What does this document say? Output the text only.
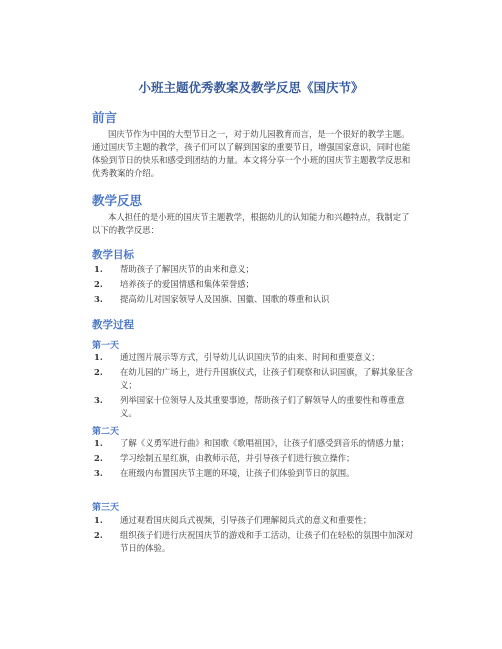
小班主题优秀教案及教学反思《国庆节》
前言
国庆节作为中国的大型节日之一，对于幼儿园教育而言，是一个很好的教学主题。通过国庆节主题的教学，孩子们可以了解到国家的重要节日，增强国家意识，同时也能体验到节日的快乐和感受到团结的力量。本文将分享一个小班的国庆节主题教学反思和优秀教案的介绍。
教学反思
本人担任的是小班的国庆节主题教学，根据幼儿的认知能力和兴趣特点，我制定了以下的教学反思：
教学目标
1. 帮助孩子了解国庆节的由来和意义；
2. 培养孩子的爱国情感和集体荣誉感；
3. 提高幼儿对国家领导人及国旗、国徽、国歌的尊重和认识
教学过程
第一天
1. 通过图片展示等方式，引导幼儿认识国庆节的由来、时间和重要意义；
2. 在幼儿园的广场上，进行升国旗仪式，让孩子们观察和认识国旗，了解其象征含义；
3. 列举国家十位领导人及其重要事迹，帮助孩子们了解领导人的重要性和尊重意义。
第二天
1. 了解《义勇军进行曲》和国歌《歌唱祖国》，让孩子们感受到音乐的情感力量；
2. 学习绘制五星红旗，由教师示范，并引导孩子们进行独立操作；
3. 在班级内布置国庆节主题的环境，让孩子们体验到节日的氛围。
第三天
1. 通过观看国庆阅兵式视频，引导孩子们理解阅兵式的意义和重要性；
2. 组织孩子们进行庆祝国庆节的游戏和手工活动，让孩子们在轻松的氛围中加深对节日的体验。
